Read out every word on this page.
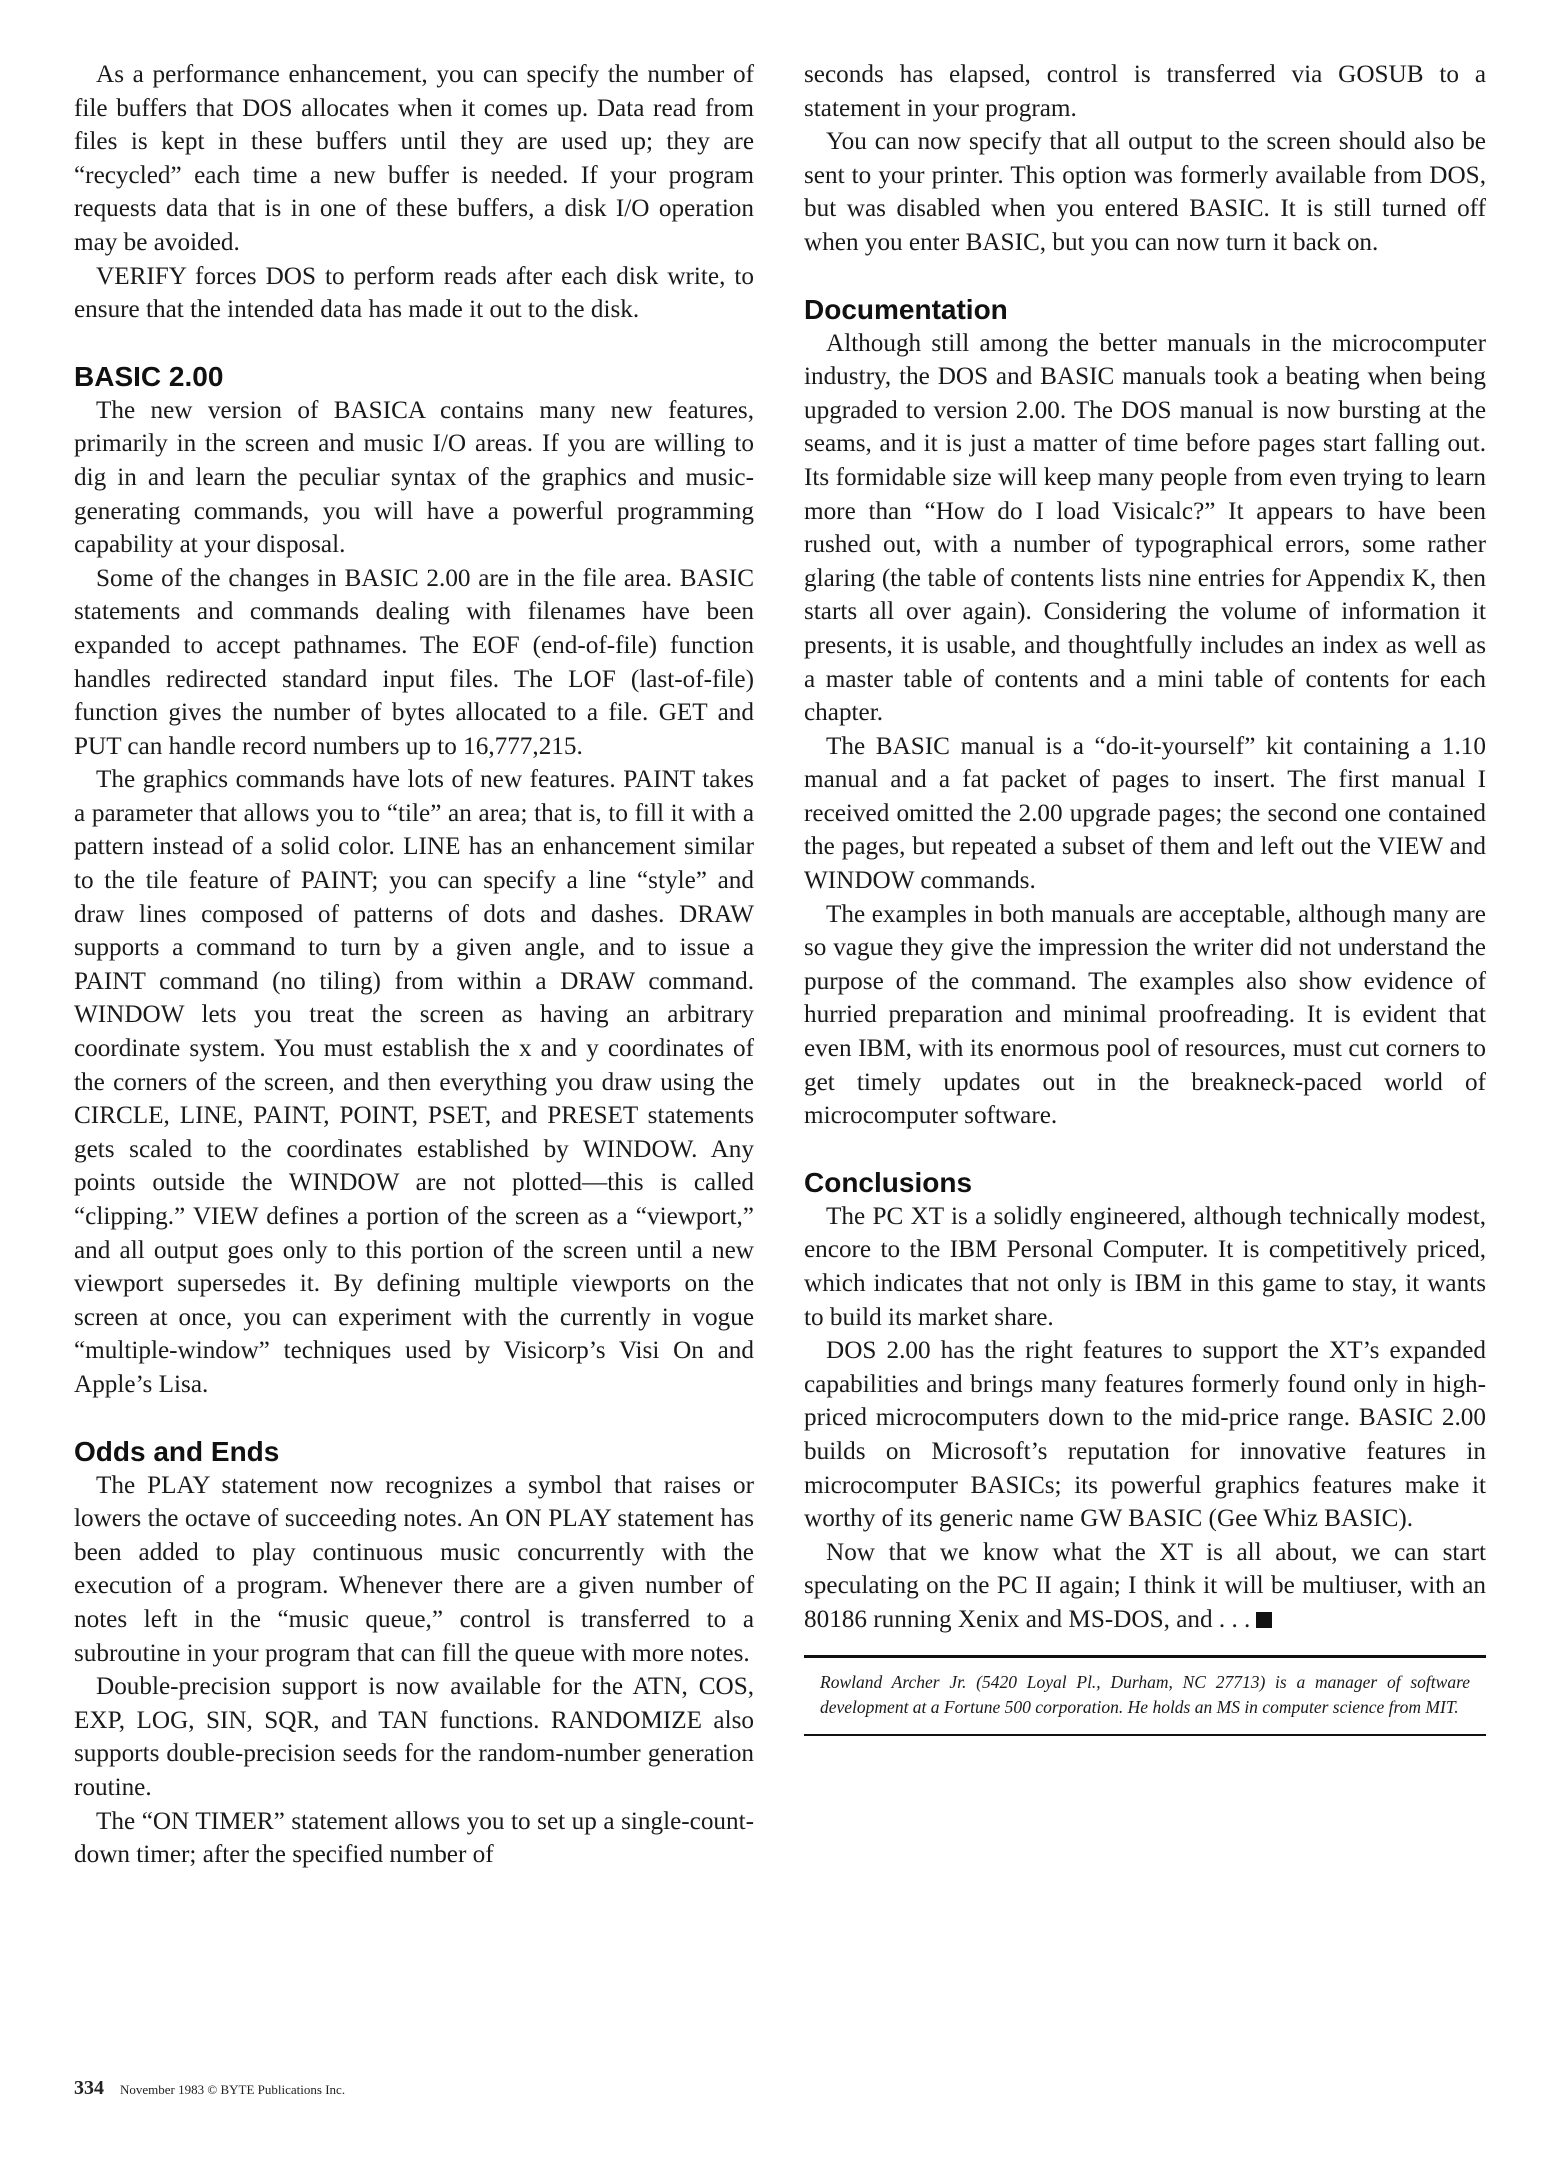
As a performance enhancement, you can specify the number of file buffers that DOS allocates when it comes up. Data read from files is kept in these buffers until they are used up; they are “recycled” each time a new buffer is needed. If your program requests data that is in one of these buffers, a disk I/O operation may be avoided.

VERIFY forces DOS to perform reads after each disk write, to ensure that the intended data has made it out to the disk.

BASIC 2.00

The new version of BASICA contains many new features, primarily in the screen and music I/O areas. If you are willing to dig in and learn the peculiar syntax of the graphics and music-generating commands, you will have a powerful programming capability at your disposal.

Some of the changes in BASIC 2.00 are in the file area. BASIC statements and commands dealing with filenames have been expanded to accept pathnames. The EOF (end-of-file) function handles redirected standard input files. The LOF (last-of-file) function gives the number of bytes allocated to a file. GET and PUT can handle record numbers up to 16,777,215.

The graphics commands have lots of new features. PAINT takes a parameter that allows you to “tile” an area; that is, to fill it with a pattern instead of a solid color. LINE has an enhancement similar to the tile feature of PAINT; you can specify a line “style” and draw lines composed of patterns of dots and dashes. DRAW supports a command to turn by a given angle, and to issue a PAINT command (no tiling) from within a DRAW command. WINDOW lets you treat the screen as having an arbitrary coordinate system. You must establish the x and y coordinates of the corners of the screen, and then everything you draw using the CIRCLE, LINE, PAINT, POINT, PSET, and PRESET statements gets scaled to the coordinates established by WINDOW. Any points outside the WINDOW are not plotted—this is called “clipping.” VIEW defines a portion of the screen as a “viewport,” and all output goes only to this portion of the screen until a new viewport supersedes it. By defining multiple viewports on the screen at once, you can experiment with the currently in vogue “multiple-window” techniques used by Visicorp’s Visi On and Apple’s Lisa.

Odds and Ends

The PLAY statement now recognizes a symbol that raises or lowers the octave of succeeding notes. An ON PLAY statement has been added to play continuous music concurrently with the execution of a program. Whenever there are a given number of notes left in the “music queue,” control is transferred to a subroutine in your program that can fill the queue with more notes.

Double-precision support is now available for the ATN, COS, EXP, LOG, SIN, SQR, and TAN functions. RANDOMIZE also supports double-precision seeds for the random-number generation routine.

The “ON TIMER” statement allows you to set up a single-count-down timer; after the specified number of

seconds has elapsed, control is transferred via GOSUB to a statement in your program.

You can now specify that all output to the screen should also be sent to your printer. This option was formerly available from DOS, but was disabled when you entered BASIC. It is still turned off when you enter BASIC, but you can now turn it back on.

Documentation

Although still among the better manuals in the microcomputer industry, the DOS and BASIC manuals took a beating when being upgraded to version 2.00. The DOS manual is now bursting at the seams, and it is just a matter of time before pages start falling out. Its formidable size will keep many people from even trying to learn more than “How do I load Visicalc?” It appears to have been rushed out, with a number of typographical errors, some rather glaring (the table of contents lists nine entries for Appendix K, then starts all over again). Considering the volume of information it presents, it is usable, and thoughtfully includes an index as well as a master table of contents and a mini table of contents for each chapter.

The BASIC manual is a “do-it-yourself” kit containing a 1.10 manual and a fat packet of pages to insert. The first manual I received omitted the 2.00 upgrade pages; the second one contained the pages, but repeated a subset of them and left out the VIEW and WINDOW commands.

The examples in both manuals are acceptable, although many are so vague they give the impression the writer did not understand the purpose of the command. The examples also show evidence of hurried preparation and minimal proofreading. It is evident that even IBM, with its enormous pool of resources, must cut corners to get timely updates out in the breakneck-paced world of microcomputer software.

Conclusions

The PC XT is a solidly engineered, although technically modest, encore to the IBM Personal Computer. It is competitively priced, which indicates that not only is IBM in this game to stay, it wants to build its market share.

DOS 2.00 has the right features to support the XT’s expanded capabilities and brings many features formerly found only in high-priced microcomputers down to the mid-price range. BASIC 2.00 builds on Microsoft’s reputation for innovative features in microcomputer BASICs; its powerful graphics features make it worthy of its generic name GW BASIC (Gee Whiz BASIC).

Now that we know what the XT is all about, we can start speculating on the PC II again; I think it will be multiuser, with an 80186 running Xenix and MS-DOS, and . . .

Rowland Archer Jr. (5420 Loyal Pl., Durham, NC 27713) is a manager of software development at a Fortune 500 corporation. He holds an MS in computer science from MIT.

334 November 1983 © BYTE Publications Inc.
